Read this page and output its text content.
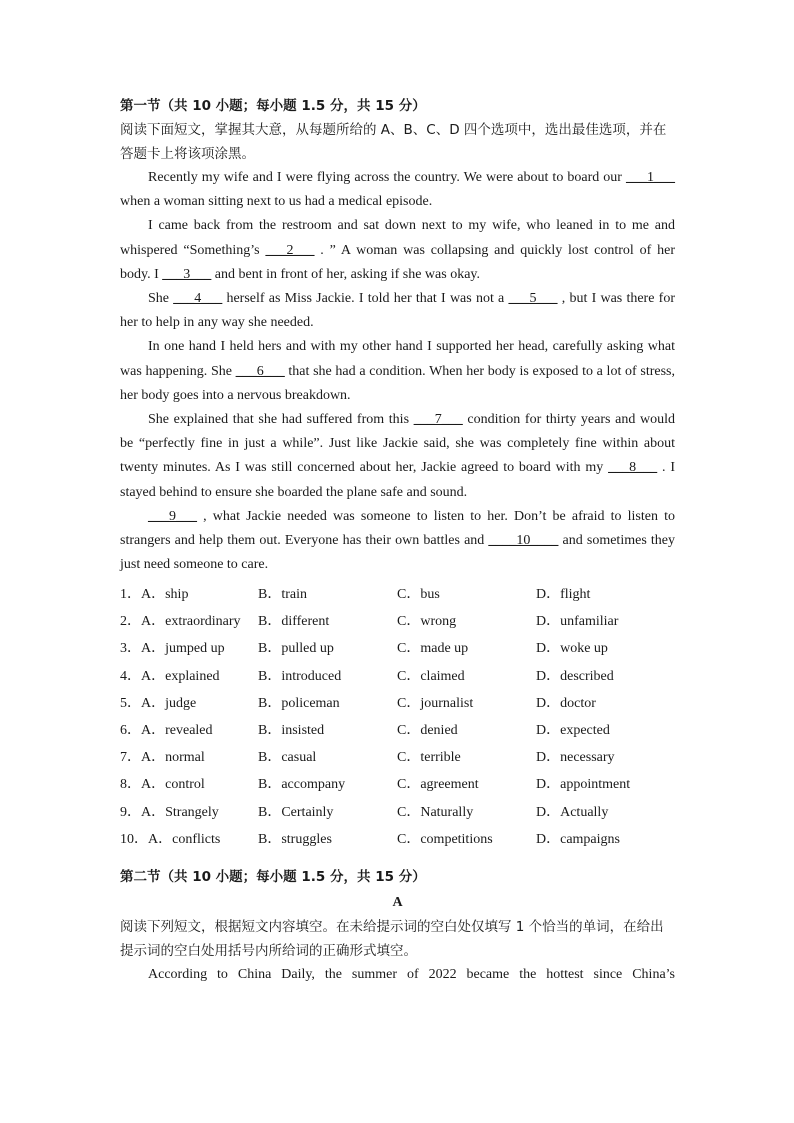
第一节（共 10 小题；每小题 1.5 分，共 15 分）

阅读下面短文，掌握其大意，从每题所给的 A、B、C、D 四个选项中，选出最佳选项，并在答题卡上将该项涂黑。

Recently my wife and I were flying across the country. We were about to board our ___1___ when a woman sitting next to us had a medical episode.

I came back from the restroom and sat down next to my wife, who leaned in to me and whispered “Something’s ___2___ . ” A woman was collapsing and quickly lost control of her body. I ___3___ and bent in front of her, asking if she was okay.

She ___4___ herself as Miss Jackie. I told her that I was not a ___5___ , but I was there for her to help in any way she needed.

In one hand I held hers and with my other hand I supported her head, carefully asking what was happening. She ___6___ that she had a condition. When her body is exposed to a lot of stress, her body goes into a nervous breakdown.

She explained that she had suffered from this ___7___ condition for thirty years and would be “perfectly fine in just a while”. Just like Jackie said, she was completely fine within about twenty minutes. As I was still concerned about her, Jackie agreed to board with my ___8___ . I stayed behind to ensure she boarded the plane safe and sound.

___9___ , what Jackie needed was someone to listen to her. Don’t be afraid to listen to strangers and help them out. Everyone has their own battles and ____10____ and sometimes they just need someone to care.

1．A．ship	B．train	C．bus	D．flight
2．A．extraordinary	B．different	C．wrong	D．unfamiliar
3．A．jumped up	B．pulled up	C．made up	D．woke up
4．A．explained	B．introduced	C．claimed	D．described
5．A．judge	B．policeman	C．journalist	D．doctor
6．A．revealed	B．insisted	C．denied	D．expected
7．A．normal	B．casual	C．terrible	D．necessary
8．A．control	B．accompany	C．agreement	D．appointment
9．A．Strangely	B．Certainly	C．Naturally	D．Actually
10．A．conflicts	B．struggles	C．competitions	D．campaigns

第二节（共 10 小题；每小题 1.5 分，共 15 分）

A

阅读下列短文，根据短文内容填空。在未给提示词的空白处仅填写 1 个恰当的单词，在给出提示词的空白处用括号内所给词的正确形式填空。

According to China Daily, the summer of 2022 became the hottest since China’s
